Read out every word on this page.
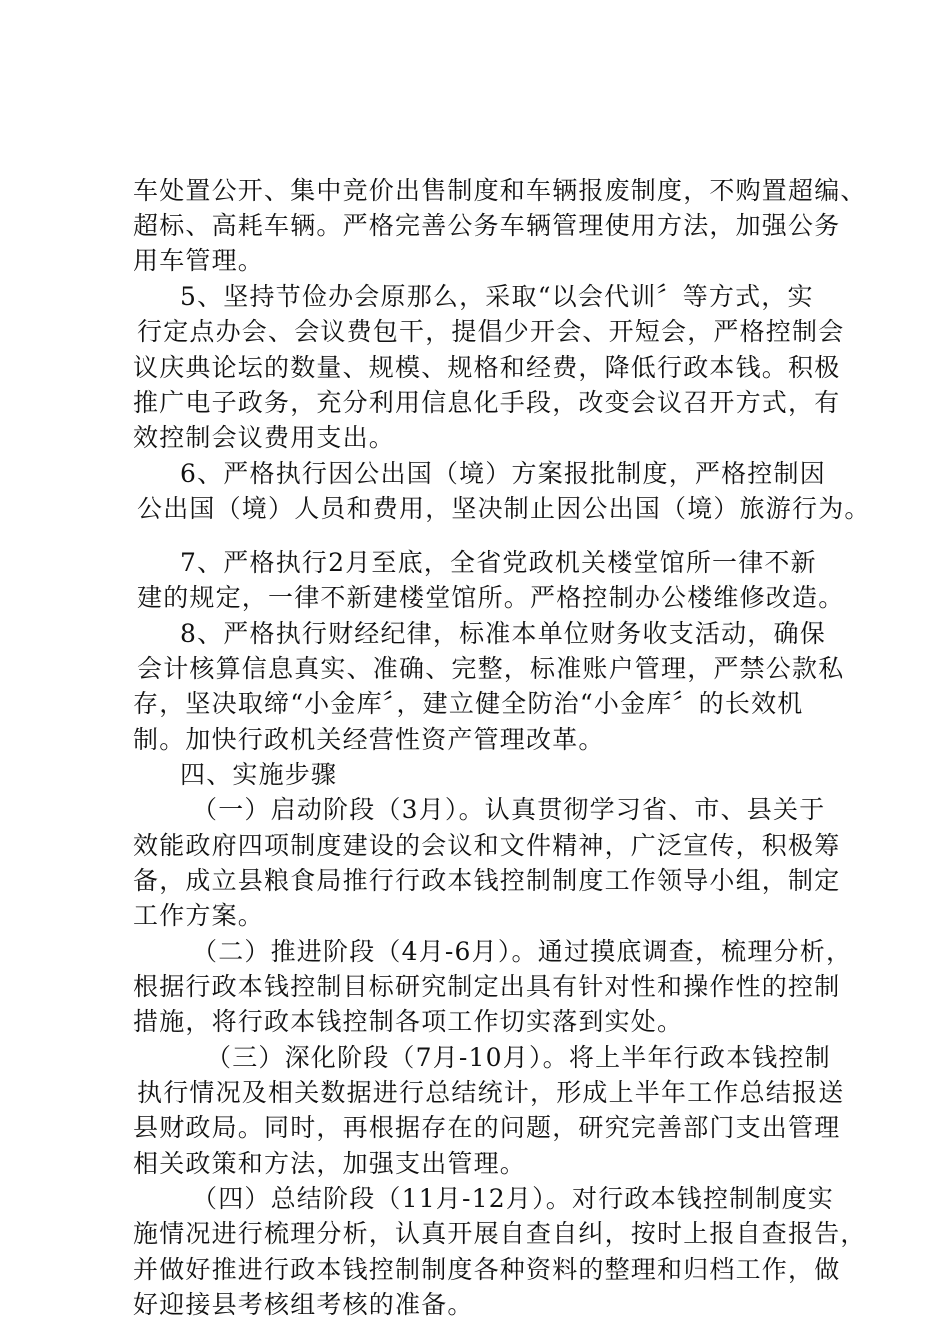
车处置公开、集中竞价出售制度和车辆报废制度，不购置超编、
超标、高耗车辆。严格完善公务车辆管理使用方法，加强公务
用车管理。
5、坚持节俭办会原那么，采取“以会代训〞等方式，实
行定点办会、会议费包干，提倡少开会、开短会，严格控制会
议庆典论坛的数量、规模、规格和经费，降低行政本钱。积极
推广电子政务，充分利用信息化手段，改变会议召开方式，有
效控制会议费用支出。
6、严格执行因公出国（境）方案报批制度，严格控制因
公出国（境）人员和费用，坚决制止因公出国（境）旅游行为。
7、严格执行2月至底，全省党政机关楼堂馆所一律不新
建的规定，一律不新建楼堂馆所。严格控制办公楼维修改造。
8、严格执行财经纪律，标准本单位财务收支活动，确保
会计核算信息真实、准确、完整，标准账户管理，严禁公款私
存，坚决取缔“小金库〞，建立健全防治“小金库〞的长效机
制。加快行政机关经营性资产管理改革。
四、实施步骤
（一）启动阶段（3月）。认真贯彻学习省、市、县关于
效能政府四项制度建设的会议和文件精神，广泛宣传，积极筹
备，成立县粮食局推行行政本钱控制制度工作领导小组，制定
工作方案。
（二）推进阶段（4月-6月）。通过摸底调查，梳理分析，
根据行政本钱控制目标研究制定出具有针对性和操作性的控制
措施，将行政本钱控制各项工作切实落到实处。
（三）深化阶段（7月-10月）。将上半年行政本钱控制
执行情况及相关数据进行总结统计，形成上半年工作总结报送
县财政局。同时，再根据存在的问题，研究完善部门支出管理
相关政策和方法，加强支出管理。
（四）总结阶段（11月-12月）。对行政本钱控制制度实
施情况进行梳理分析，认真开展自查自纠，按时上报自查报告，
并做好推进行政本钱控制制度各种资料的整理和归档工作，做
好迎接县考核组考核的准备。
